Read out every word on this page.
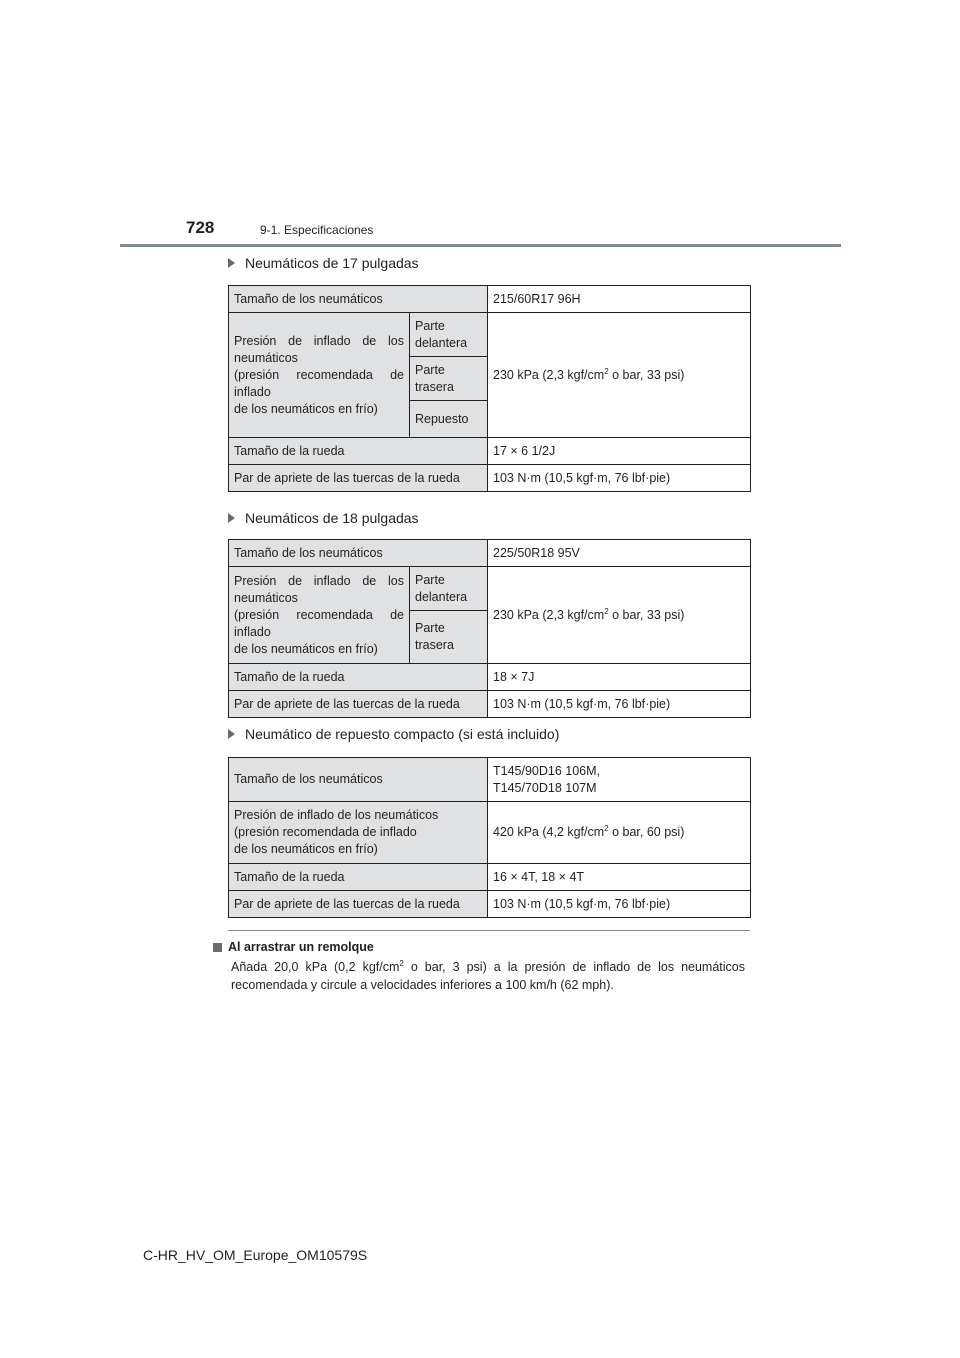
728	9-1. Especificaciones
Neumáticos de 17 pulgadas
Tamaño de los neumáticos		215/60R17 96H

Presión de inflado de los
neumáticos

(presión recomendada de
inflado
de los neumáticos en frío)	Parte delantera	230 kPa (2,3 kgf/$cm^2$ o bar, 33 psi)
	Parte trasera	
	Repuesto	
Tamaño de la rueda		17 × 6 1/2J
Par de apriete de las tuercas de la rueda		103 N·m (10,5 kgf·m, 76 lbf·pie)
Neumáticos de 18 pulgadas
Tamaño de los neumáticos		225/50R18 95V

Presión de inflado de los
neumáticos

(presión recomendada de
inflado
de los neumáticos en frío)	Parte delantera	230 kPa (2,3 kgf/$cm^2$ o bar, 33 psi)
	Parte trasera	
Tamaño de la rueda		18 × 7J
Par de apriete de las tuercas de la rueda		103 N·m (10,5 kgf·m, 76 lbf·pie)
Neumático de repuesto compacto (si está incluido)
Tamaño de los neumáticos	T145/90D16 106M,
T145/70D18 107M
Presión de inflado de los neumáticos
(presión recomendada de inflado
de los neumáticos en frío)	420 kPa (4,2 kgf/$cm^2$ o bar, 60 psi)
Tamaño de la rueda	16 × 4T, 18 × 4T
Par de apriete de las tuercas de la rueda	103 N·m (10,5 kgf·m, 76 lbf·pie)
Al arrastrar un remolque
Añada 20,0 kPa (0,2 kgf/$cm^2$ o bar, 3 psi) a la presión de inflado de los neumáticos recomendada y circule a velocidades inferiores a 100 km/h (62 mph).
C-HR_HV_OM_Europe_OM10579S
